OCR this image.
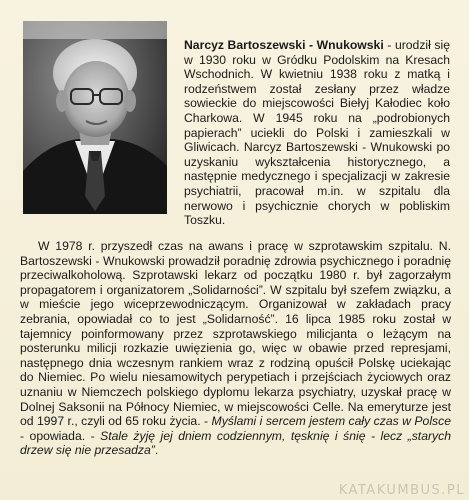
Narcyz Bartoszewski - Wnukowski - urodził się w 1930 roku w Gródku Podolskim na Kresach Wschodnich. W kwietniu 1938 roku z matką i rodzeństwem został zesłany przez władze sowieckie do miejscowości Biełyj Kałodiec koło Charkowa. W 1945 roku na „podrobionych papierach” uciekli do Polski i zamieszkali w Gliwicach. Narcyz Bartoszewski - Wnukowski po uzyskaniu wykształcenia historycznego, a następnie medycznego i specjalizacji w zakresie psychiatrii, pracował m.in. w szpitalu dla nerwowo i psychicznie chorych w pobliskim Toszku.

W 1978 r. przyszedł czas na awans i pracę w szprotawskim szpitalu. N. Bartoszewski - Wnukowski prowadził poradnię zdrowia psychicznego i poradnię przeciwalkoholową. Szprotawski lekarz od początku 1980 r. był zagorzałym propagatorem i organizatorem „Solidarności”. W szpitalu był szefem związku, a w mieście jego wiceprzewodniczącym. Organizował w zakładach pracy zebrania, opowiadał co to jest „Solidarność”. 16 lipca 1985 roku został w tajemnicy poinformowany przez szprotawskiego milicjanta o leżącym na posterunku milicji rozkazie uwięzienia go, więc w obawie przed represjami, następnego dnia wczesnym rankiem wraz z rodziną opuścił Polskę uciekając do Niemiec. Po wielu niesamowitych perypetiach i przejściach życiowych oraz uznaniu w Niemczech polskiego dyplomu lekarza psychiatry, uzyskał pracę w Dolnej Saksonii na Północy Niemiec, w miejscowości Celle. Na emeryturze jest od 1997 r., czyli od 65 roku życia. - Myślami i sercem jestem cały czas w Polsce - opowiada. - Stale żyję jej dniem codziennym, tęsknię i śnię - lecz „starych drzew się nie przesadza”.

KATAKUMBUS.PL
